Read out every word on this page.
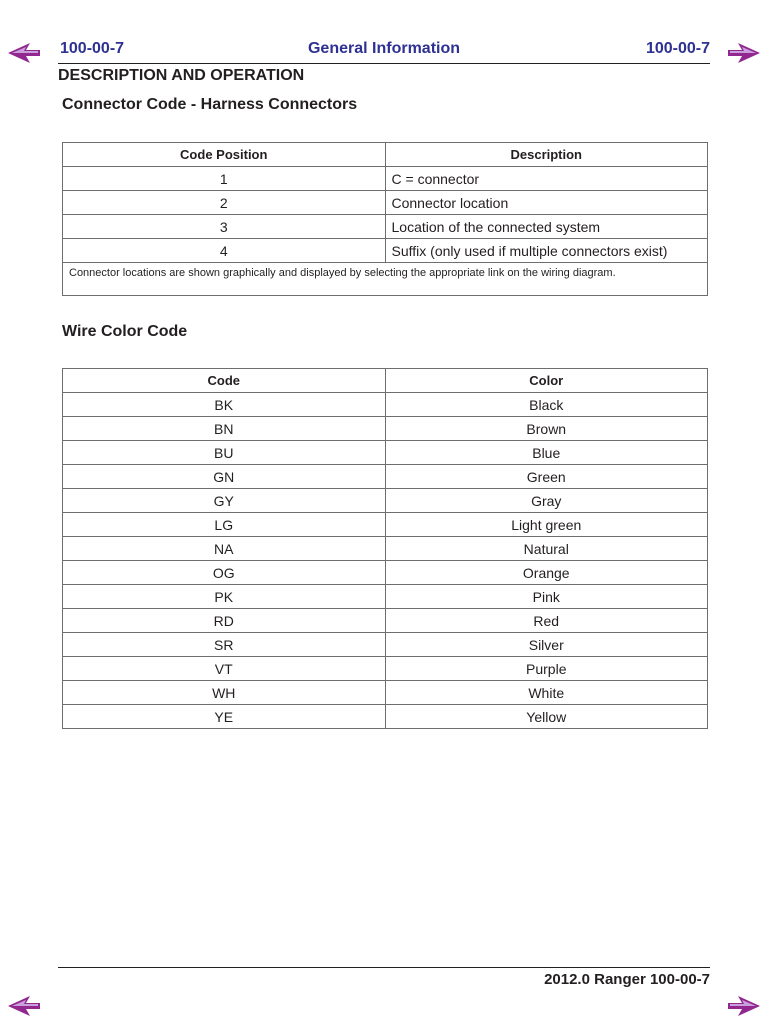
General Information
100-00-7	100-00-7
DESCRIPTION AND OPERATION
Connector Code - Harness Connectors
Code Position	Description
1	C = connector
2	Connector location
3	Location of the connected system
4	Suffix (only used if multiple connectors exist)
Connector locations are shown graphically and displayed by selecting the appropriate link on the wiring diagram.	
Wire Color Code
Code	Color
BK	Black
BN	Brown
BU	Blue
GN	Green
GY	Gray
LG	Light green
NA	Natural
OG	Orange
PK	Pink
RD	Red
SR	Silver
VT	Purple
WH	White
YE	Yellow
2012.0 Ranger 100-00-7
